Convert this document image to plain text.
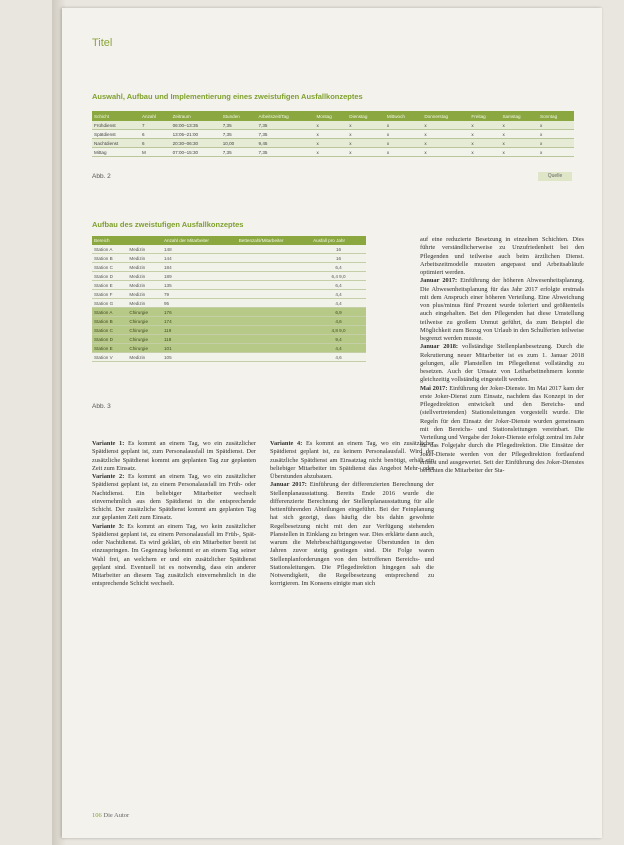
Titel
Auswahl, Aufbau und Implementierung eines zweistufigen Ausfallkonzeptes
Schicht	Anzahl	Zeitraum	Stunden	Arbeitszeit/Tag	Montag	Dienstag	Mittwoch	Donnerstag	Freitag	Samstag	Sonntag
Frühdienst	7	06:00–13:35	7,35	7,35	x	x	x	x	x	x	x
Spätdienst	6	13:05–21:00	7,35	7,35	x	x	x	x	x	x	x
Nachtdienst	6	20:30–06:30	10,00	9,45	x	x	x	x	x	x	x
Mittag	M	07:00–15:30	7,35	7,35	x	x	x	x	x	x	x
Abb. 2	Quelle
Aufbau des zweistufigen Ausfallkonzeptes
Bereich		Anzahl der Mitarbeiter	Bettenzahl/Mitarbeiter	Ausfall pro Jahr
Station A	Medizin	148		16
Station B	Medizin	144		16
Station C	Medizin	184		6,4
Station D	Medizin	189		6,4 9,0
Station E	Medizin	135		6,4
Station F	Medizin	79		4,4
Station G	Medizin	95		4,4
Station A	Chirurgie	176		6,9
Station B	Chirurgie	174		4,6
Station C	Chirurgie	119		4,8 9,0
Station D	Chirurgie	118		9,4
Station E	Chirurgie	101		4,4
Station V	Medizin	105		4,6
Abb. 3

Variante 1: Es kommt an einem Tag, wo ein zusätzlicher Spätdienst geplant ist, zum Personalausfall im Spätdienst. Der zusätzliche Spätdienst kommt am geplanten Tag zur geplanten Zeit zum Einsatz.

Variante 2: Es kommt an einem Tag, wo ein zusätzlicher Spätdienst geplant ist, zu einem Personalausfall im Früh- oder Nachtdienst. Ein beliebiger Mitarbeiter wechselt einvernehmlich aus dem Spätdienst in die entsprechende Schicht. Der zusätzliche Spätdienst kommt am geplanten Tag zur geplanten Zeit zum Einsatz.

Variante 3: Es kommt an einem Tag, wo kein zusätzlicher Spätdienst geplant ist, zu einem Personalausfall im Früh-, Spät- oder Nachtdienst. Es wird geklärt, ob ein Mitarbeiter bereit ist einzuspringen. Im Gegenzug bekommt er an einem Tag seiner Wahl frei, an welchem er und ein zusätzlicher Spätdienst geplant sind. Eventuell ist es notwendig, dass ein anderer Mitarbeiter an diesem Tag zusätzlich einvernehmlich in die entsprechende Schicht wechselt.

Variante 4: Es kommt an einem Tag, wo ein zusätzlicher Spätdienst geplant ist, zu keinem Personalausfall. Wird der zusätzliche Spätdienst am Einsatztag nicht benötigt, erhält ein beliebiger Mitarbeiter im Spätdienst das Angebot Mehr- oder Überstunden abzubauen.

Januar 2017: Einführung der differenzierten Berechnung der Stellenplanausstattung. Bereits Ende 2016 wurde die differenzierte Berechnung der Stellenplanausstattung für alle bettenführenden Abteilungen eingeführt. Bei der Feinplanung hat sich gezeigt, dass häufig die bis dahin gewohnte Regelbesetzung nicht mit den zur Verfügung stehenden Planstellen in Einklang zu bringen war. Dies erklärte dann auch, warum die Mehrbeschäftigungsweise Überstunden in den Jahren zuvor stetig gestiegen sind. Die Folge waren Stellenplanforderungen von den betroffenen Bereichs- und Stationsleitungen. Die Pflegedirektion hingegen sah die Notwendigkeit, die Regelbesetzung entsprechend zu korrigieren. Im Konsens einigte man sich

auf eine reduzierte Besetzung in einzelnen Schichten. Dies führte verständlicherweise zu Unzufriedenheit bei den Pflegenden und teilweise auch beim ärztlichen Dienst. Arbeitszeitmodelle mussten angepasst und Arbeitsabläufe optimiert werden.

Januar 2017: Einführung der höheren Abwesenheitsplanung. Die Abwesenheitsplanung für das Jahr 2017 erfolgte erstmals mit dem Anspruch einer höheren Verteilung. Eine Abweichung von plus/minus fünf Prozent wurde toleriert und größtenteils auch eingehalten. Bei den Pflegenden hat diese Umstellung teilweise zu großem Unmut geführt, da zum Beispiel die Möglichkeit zum Bezug von Urlaub in den Schulferien teilweise begrenzt werden musste.

Januar 2018: vollständige Stellenplanbesetzung. Durch die Rekrutierung neuer Mitarbeiter ist es zum 1. Januar 2018 gelungen, alle Planstellen im Pflegedienst vollständig zu besetzen. Auch der Umsatz von Leiharbeitnehmern konnte gleichzeitig vollständig eingestellt werden.

Mai 2017: Einführung der Joker-Dienste. Im Mai 2017 kam der erste Joker-Dienst zum Einsatz, nachdem das Konzept in der Pflegedirektion entwickelt und den Bereichs- und (stellvertretenden) Stationsleitungen vorgestellt wurde. Die Regeln für den Einsatz der Joker-Dienste wurden gemeinsam mit den Bereichs- und Stationsleitungen vereinbart. Die Verteilung und Vergabe der Joker-Dienste erfolgt zentral im Jahr für das Folgejahr durch die Pflegedirektion. Die Einsätze der Joker-Dienste werden von der Pflegedirektion fortlaufend erfasst und ausgewertet. Seit der Einführung des Joker-Dienstes berichten die Mitarbeiter der Sta-

106 Die Autor
